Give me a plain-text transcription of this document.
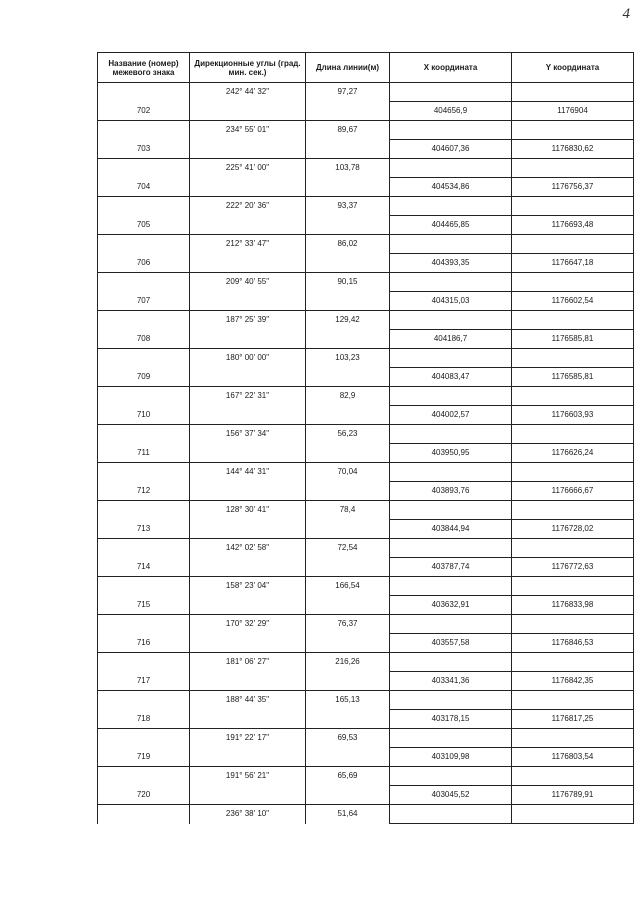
4
Название (номер) межевого знака	Дирекционные углы (град. мин. сек.)	Длина линии(м)	X координата	Y координата
	242° 44' 32"	97,27		
702			404656,9	1176904
	234° 55' 01"	89,67		
703			404607,36	1176830,62
	225° 41' 00"	103,78		
704			404534,86	1176756,37
	222° 20' 36"	93,37		
705			404465,85	1176693,48
	212° 33' 47"	86,02		
706			404393,35	1176647,18
	209° 40' 55"	90,15		
707			404315,03	1176602,54
	187° 25' 39"	129,42		
708			404186,7	1176585,81
	180° 00' 00"	103,23		
709			404083,47	1176585,81
	167° 22' 31"	82,9		
710			404002,57	1176603,93
	156° 37' 34"	56,23		
711			403950,95	1176626,24
	144° 44' 31"	70,04		
712			403893,76	1176666,67
	128° 30' 41"	78,4		
713			403844,94	1176728,02
	142° 02' 58"	72,54		
714			403787,74	1176772,63
	158° 23' 04"	166,54		
715			403632,91	1176833,98
	170° 32' 29"	76,37		
716			403557,58	1176846,53
	181° 06' 27"	216,26		
717			403341,36	1176842,35
	188° 44' 35"	165,13		
718			403178,15	1176817,25
	191° 22' 17"	69,53		
719			403109,98	1176803,54
	191° 56' 21"	65,69		
720			403045,52	1176789,91
	236° 38' 10"	51,64		
